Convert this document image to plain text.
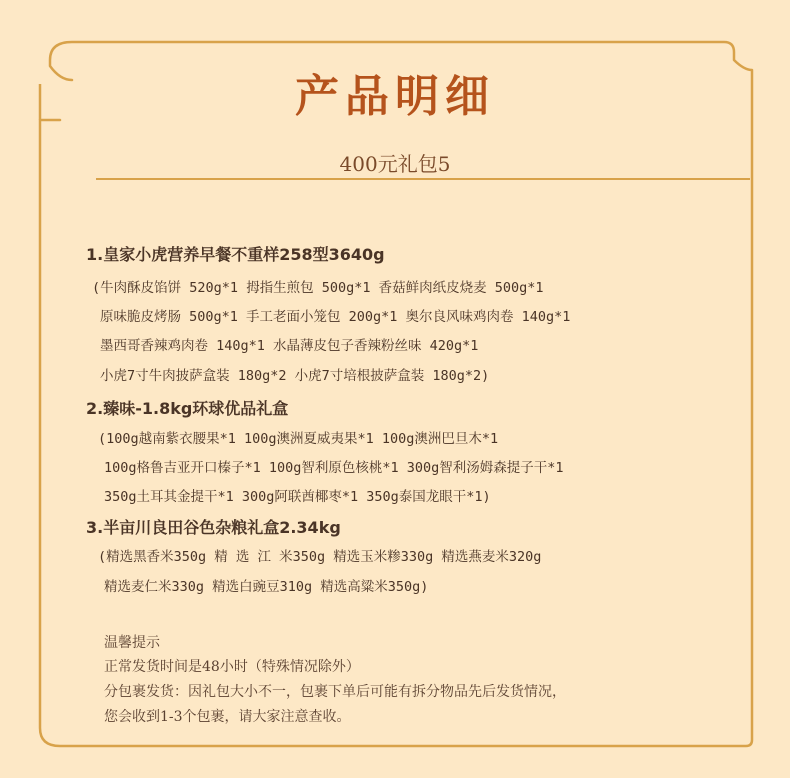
产品明细
400元礼包5
1.皇家小虎营养早餐不重样258型3640g
(牛肉酥皮馅饼 520g*1 拇指生煎包 500g*1 香菇鲜肉纸皮烧麦 500g*1
原味脆皮烤肠 500g*1 手工老面小笼包 200g*1 奥尔良风味鸡肉卷 140g*1
墨西哥香辣鸡肉卷 140g*1 水晶薄皮包子香辣粉丝味 420g*1
小虎7寸牛肉披萨盒装 180g*2 小虎7寸培根披萨盒装 180g*2)
2.臻味-1.8kg环球优品礼盒
(100g越南紫衣腰果*1 100g澳洲夏威夷果*1 100g澳洲巴旦木*1
100g格鲁吉亚开口榛子*1 100g智利原色核桃*1 300g智利汤姆森提子干*1
350g土耳其金提干*1 300g阿联酋椰枣*1 350g泰国龙眼干*1)
3.半亩川良田谷色杂粮礼盒2.34kg
(精选黑香米350g 精 选 江 米350g 精选玉米糁330g 精选燕麦米320g
精选麦仁米330g 精选白豌豆310g 精选高粱米350g)
温馨提示
正常发货时间是48小时（特殊情况除外）
分包裹发货：因礼包大小不一，包裹下单后可能有拆分物品先后发货情况，
您会收到1-3个包裹，请大家注意查收。
